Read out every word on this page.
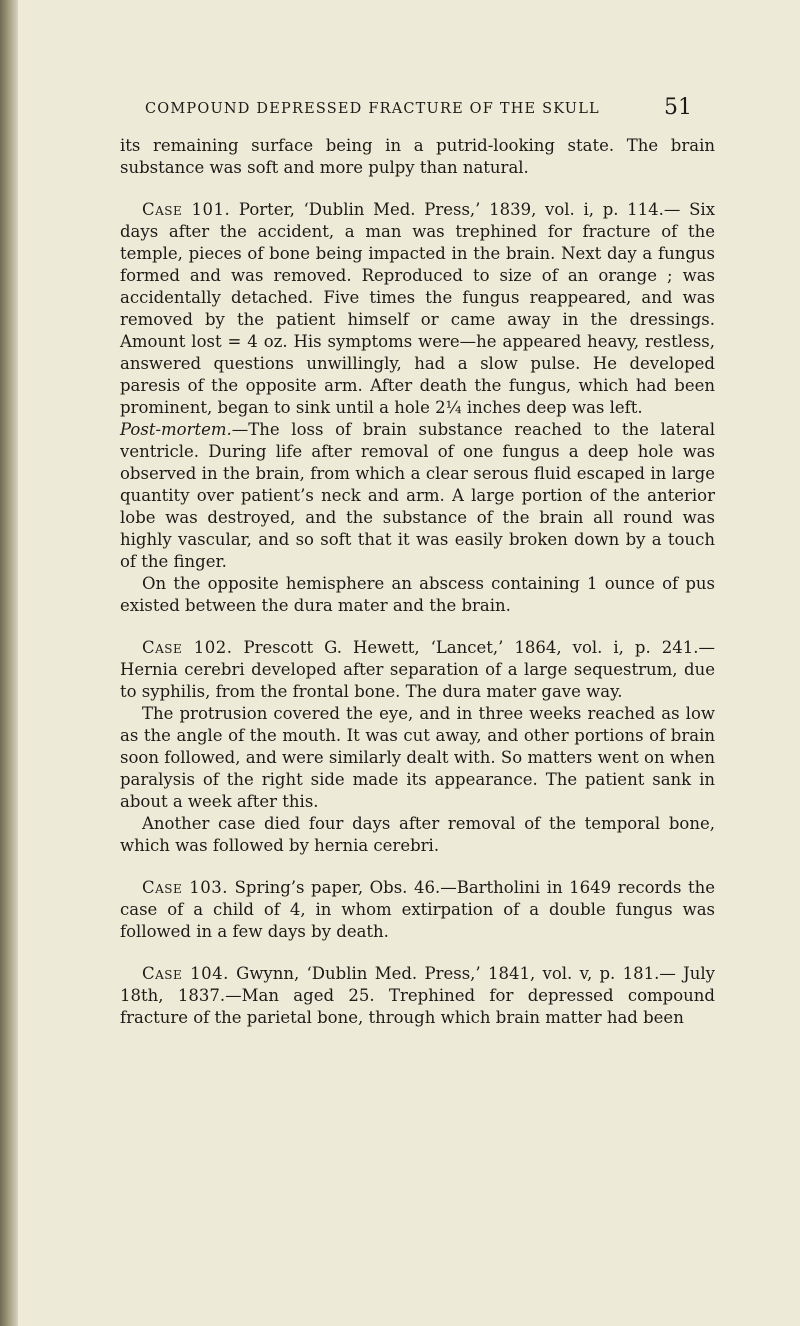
COMPOUND DEPRESSED FRACTURE OF THE SKULL	51

its remaining surface being in a putrid-looking state. The brain substance was soft and more pulpy than natural.

Case 101. Porter, ‘Dublin Med. Press,’ 1839, vol. i, p. 114.— Six days after the accident, a man was trephined for fracture of the temple, pieces of bone being impacted in the brain. Next day a fungus formed and was removed. Reproduced to size of an orange ; was accidentally detached. Five times the fungus reappeared, and was removed by the patient himself or came away in the dressings. Amount lost = 4 oz. His symptoms were—he appeared heavy, restless, answered questions unwillingly, had a slow pulse. He developed paresis of the opposite arm. After death the fungus, which had been prominent, began to sink until a hole 2¼ inches deep was left.

Post-mortem.—The loss of brain substance reached to the lateral ventricle. During life after removal of one fungus a deep hole was observed in the brain, from which a clear serous fluid escaped in large quantity over patient’s neck and arm. A large portion of the anterior lobe was destroyed, and the substance of the brain all round was highly vascular, and so soft that it was easily broken down by a touch of the finger.

On the opposite hemisphere an abscess containing 1 ounce of pus existed between the dura mater and the brain.

Case 102. Prescott G. Hewett, ‘Lancet,’ 1864, vol. i, p. 241.— Hernia cerebri developed after separation of a large sequestrum, due to syphilis, from the frontal bone. The dura mater gave way.

The protrusion covered the eye, and in three weeks reached as low as the angle of the mouth. It was cut away, and other portions of brain soon followed, and were similarly dealt with. So matters went on when paralysis of the right side made its appearance. The patient sank in about a week after this.

Another case died four days after removal of the temporal bone, which was followed by hernia cerebri.

Case 103. Spring’s paper, Obs. 46.—Bartholini in 1649 records the case of a child of 4, in whom extirpation of a double fungus was followed in a few days by death.

Case 104. Gwynn, ‘Dublin Med. Press,’ 1841, vol. v, p. 181.— July 18th, 1837.—Man aged 25. Trephined for depressed compound fracture of the parietal bone, through which brain matter had been
